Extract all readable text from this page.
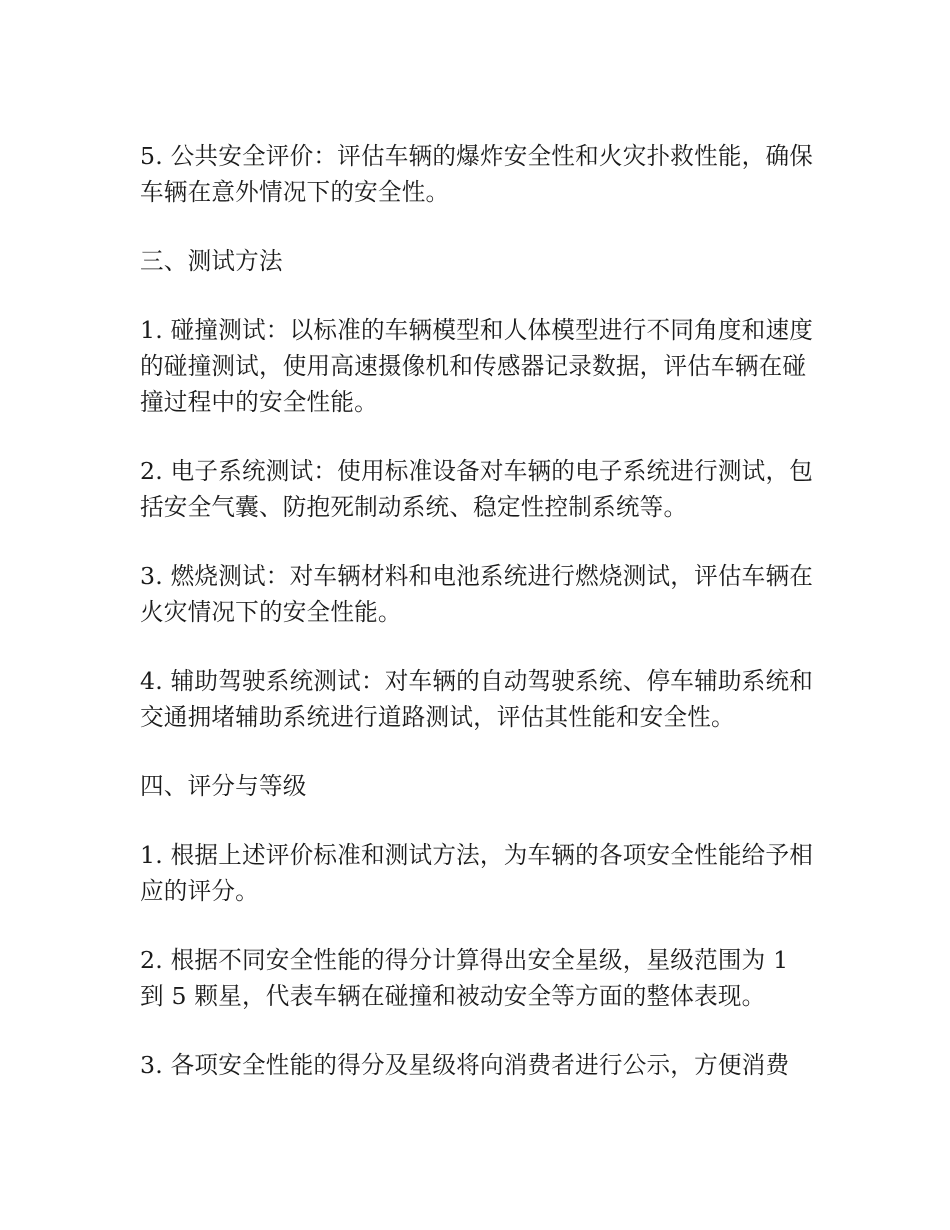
5. 公共安全评价：评估车辆的爆炸安全性和火灾扑救性能，确保车辆在意外情况下的安全性。

三、测试方法

1. 碰撞测试：以标准的车辆模型和人体模型进行不同角度和速度的碰撞测试，使用高速摄像机和传感器记录数据，评估车辆在碰撞过程中的安全性能。

2. 电子系统测试：使用标准设备对车辆的电子系统进行测试，包括安全气囊、防抱死制动系统、稳定性控制系统等。

3. 燃烧测试：对车辆材料和电池系统进行燃烧测试，评估车辆在火灾情况下的安全性能。

4. 辅助驾驶系统测试：对车辆的自动驾驶系统、停车辅助系统和交通拥堵辅助系统进行道路测试，评估其性能和安全性。

四、评分与等级

1. 根据上述评价标准和测试方法，为车辆的各项安全性能给予相应的评分。

2. 根据不同安全性能的得分计算得出安全星级，星级范围为 1 到 5 颗星，代表车辆在碰撞和被动安全等方面的整体表现。

3. 各项安全性能的得分及星级将向消费者进行公示，方便消费
